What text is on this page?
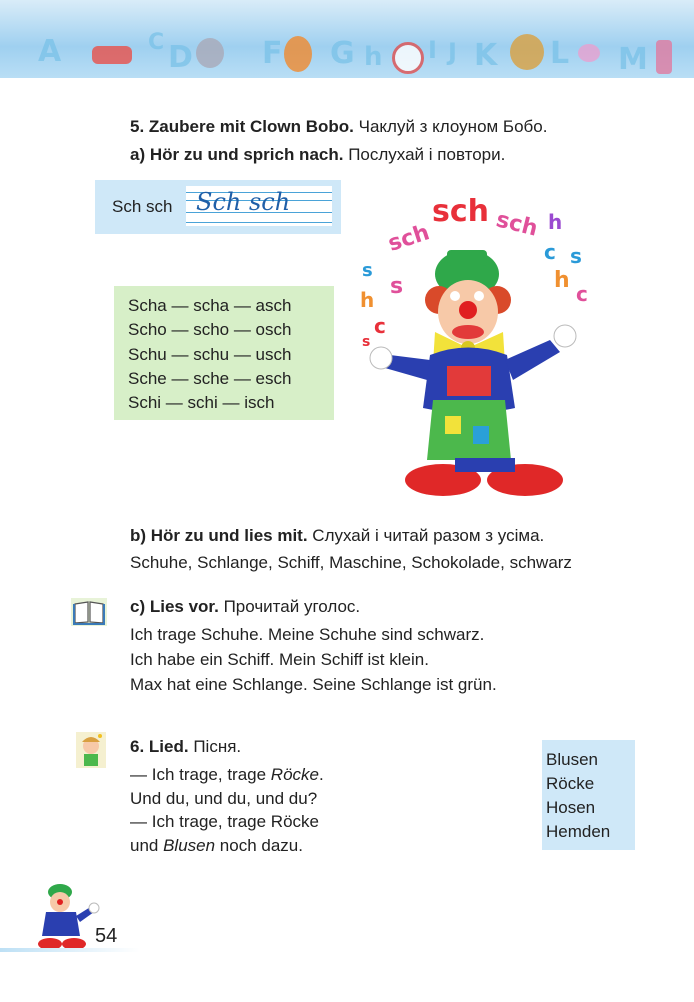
A	C D F G h I J K L M
5. Zaubere mit Clown Bobo. Чаклуй з клоуном Бобо.
a) Hör zu und sprich nach. Послухай і повтори.
Sch sch Sch sch
Scha — scha — asch
Scho — scho — osch
Schu — schu — usch
Sche — sche — esch
Schi — schi — isch
sch
sch	sch h
c s
h
c
s
h
s
c
s
b) Hör zu und lies mit. Слухай і читай разом з усіма.
Schuhe, Schlange, Schiff, Maschine, Schokolade, schwarz
c) Lies vor. Прочитай уголос.
Ich trage Schuhe. Meine Schuhe sind schwarz.
Ich habe ein Schiff. Mein Schiff ist klein.
Max hat eine Schlange. Seine Schlange ist grün.
6. Lied. Пісня.
— Ich trage, trage Röcke.
Und du, und du, und du?
— Ich trage, trage Röcke
und Blusen noch dazu.
Blusen
Röcke
Hosen
Hemden
54
